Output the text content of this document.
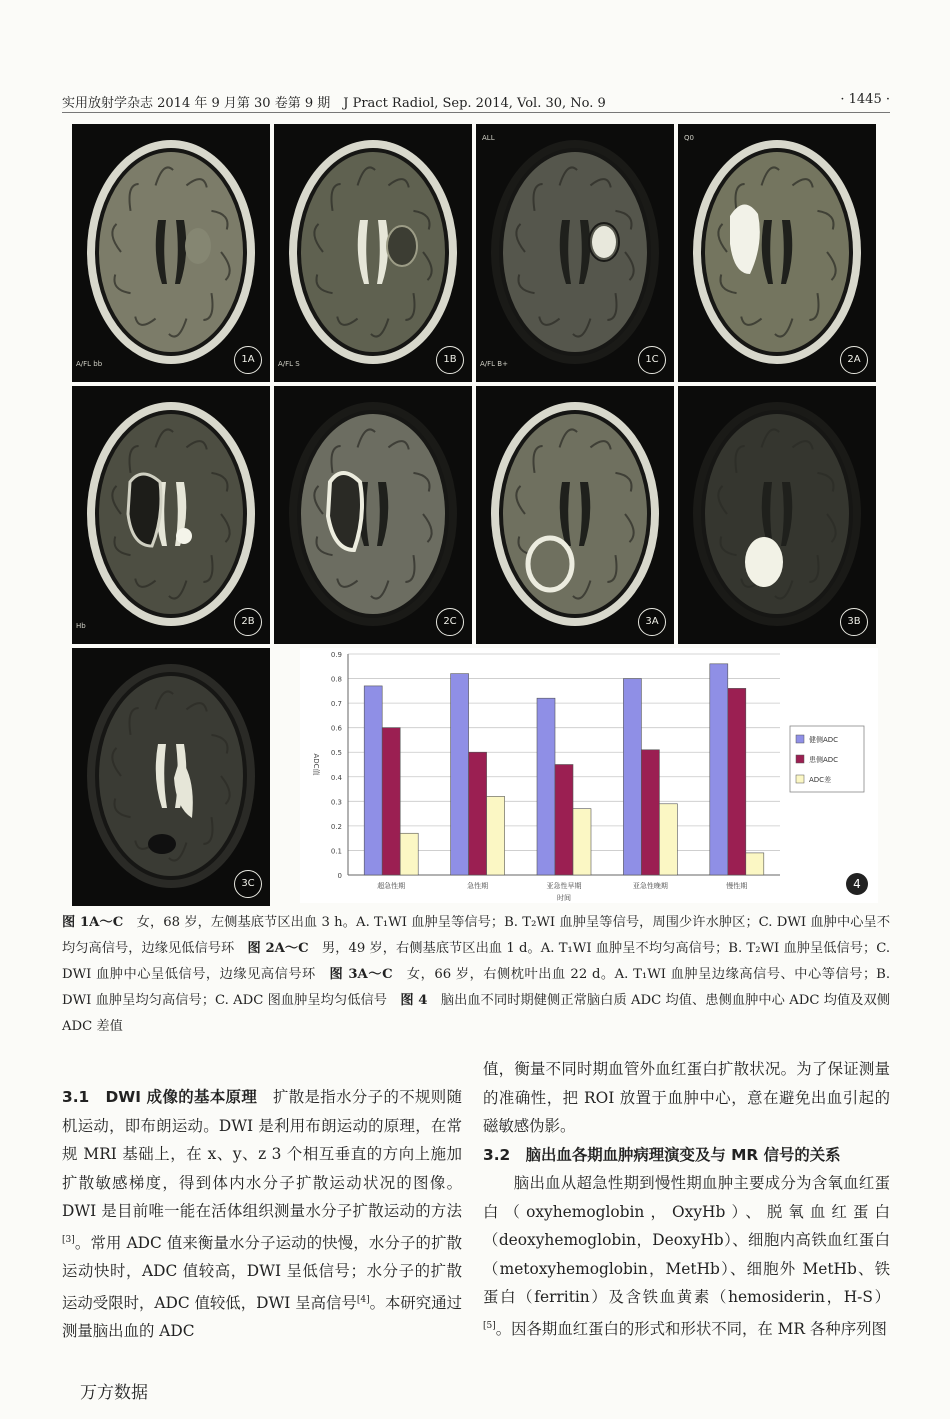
实用放射学杂志 2014 年 9 月第 30 卷第 9 期　J Pract Radiol, Sep. 2014, Vol. 30, No. 9	· 1445 ·
A/FL bb	1A	A/FL S	1B	A/FL B+
ALL
1C
Q0
2A
Hb	2B	2C	3A	3B
3C
0
0.1
0.2
0.3
0.4
0.5
0.6
0.7
0.8
0.9
ADC值
超急性期	急性期	亚急性早期	亚急性晚期	慢性期
时间
健侧ADC
患侧ADC
ADC差
4
图 1A～C　女，68 岁，左侧基底节区出血 3 h。A. T₁WI 血肿呈等信号；B. T₂WI 血肿呈等信号，周围少许水肿区；C. DWI 血肿中心呈不均匀高信号，边缘见低信号环　 图 2A～C　男，49 岁，右侧基底节区出血 1 d。A. T₁WI 血肿呈不均匀高信号；B. T₂WI 血肿呈低信号；C. DWI 血肿中心呈低信号，边缘见高信号环　 图 3A～C　女，66 岁，右侧枕叶出血 22 d。A. T₁WI 血肿呈边缘高信号、中心等信号；B. DWI 血肿呈均匀高信号；C. ADC 图血肿呈均匀低信号　 图 4　脑出血不同时期健侧正常脑白质 ADC 均值、患侧血肿中心 ADC 均值及双侧 ADC 差值

3.1　DWI 成像的基本原理　扩散是指水分子的不规则随机运动，即布朗运动。DWI 是利用布朗运动的原理，在常规 MRI 基础上，在 x、y、z 3 个相互垂直的方向上施加扩散敏感梯度，得到体内水分子扩散运动状况的图像。DWI 是目前唯一能在活体组织测量水分子扩散运动的方法[3]。常用 ADC 值来衡量水分子运动的快慢，水分子的扩散运动快时，ADC 值较高，DWI 呈低信号；水分子的扩散运动受限时，ADC 值较低，DWI 呈高信号[4]。本研究通过测量脑出血的 ADC

值，衡量不同时期血管外血红蛋白扩散状况。为了保证测量的准确性，把 ROI 放置于血肿中心，意在避免出血引起的磁敏感伪影。

3.2　脑出血各期血肿病理演变及与 MR 信号的关系

脑出血从超急性期到慢性期血肿主要成分为含氧血红蛋白（oxyhemoglobin，OxyHb）、脱氧血红蛋白（deoxyhemoglobin，DeoxyHb）、细胞内高铁血红蛋白（metoxyhemoglobin，MetHb）、细胞外 MetHb、铁蛋白（ferritin）及含铁血黄素（hemosiderin，H-S）[5]。因各期血红蛋白的形式和形状不同，在 MR 各种序列图

万方数据
